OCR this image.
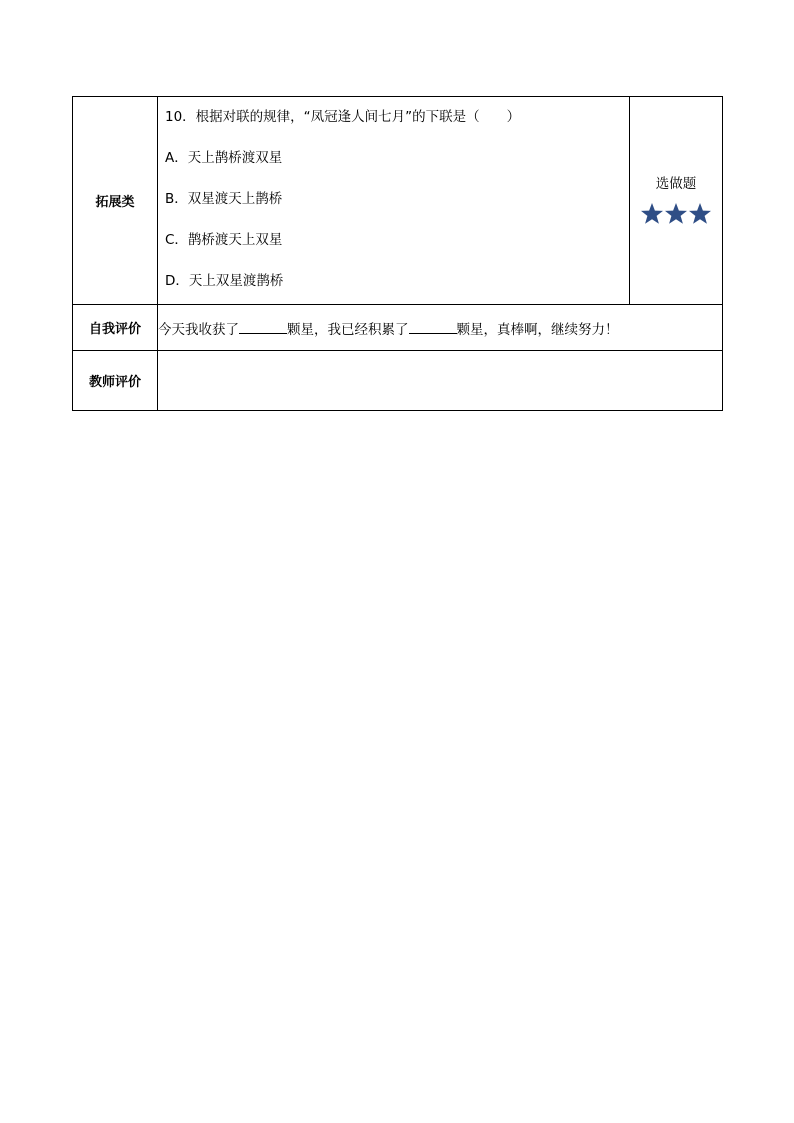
拓展类	10．根据对联的规律，“凤冠逢人间七月”的下联是（　　）
A．天上鹊桥渡双星
B．双星渡天上鹊桥
C．鹊桥渡天上双星
D．天上双星渡鹊桥	选做题

自我评价	今天我收获了 颗星，我已经积累了 颗星，真棒啊，继续努力！	
教师评价		
